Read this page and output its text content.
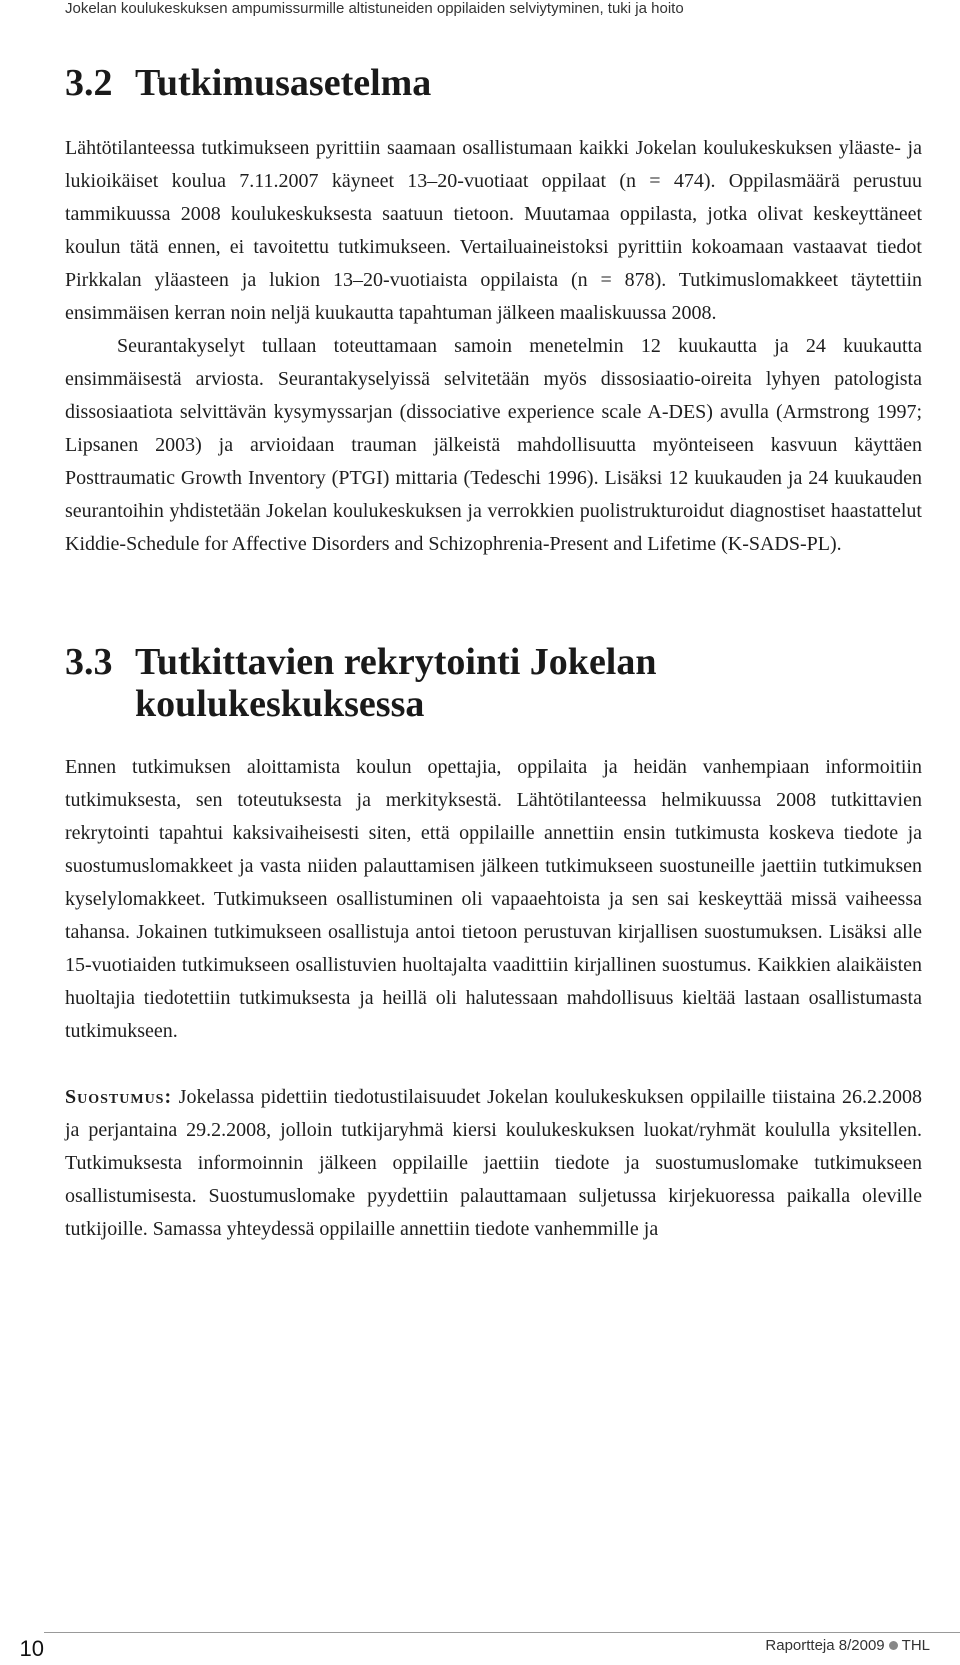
Jokelan koulukeskuksen ampumissurmille altistuneiden oppilaiden selviytyminen, tuki ja hoito
3.2 Tutkimusasetelma

Lähtötilanteessa tutkimukseen pyrittiin saamaan osallistumaan kaikki Jokelan koulukeskuksen yläaste- ja lukioikäiset koulua 7.11.2007 käyneet 13–20-vuotiaat oppilaat (n = 474). Oppilasmäärä perustuu tammikuussa 2008 koulukeskuksesta saatuun tietoon. Muutamaa oppilasta, jotka olivat keskeyttäneet koulun tätä ennen, ei tavoitettu tutkimukseen. Vertailuaineistoksi pyrittiin kokoamaan vastaavat tiedot Pirkkalan yläasteen ja lukion 13–20-vuotiaista oppilaista (n = 878). Tutkimuslomakkeet täytettiin ensimmäisen kerran noin neljä kuukautta tapahtuman jälkeen maaliskuussa 2008.

Seurantakyselyt tullaan toteuttamaan samoin menetelmin 12 kuukautta ja 24 kuukautta ensimmäisestä arviosta. Seurantakyselyissä selvitetään myös dissosiaatio-oireita lyhyen patologista dissosiaatiota selvittävän kysymyssarjan (dissociative experience scale A-DES) avulla (Armstrong 1997; Lipsanen 2003) ja arvioidaan trauman jälkeistä mahdollisuutta myönteiseen kasvuun käyttäen Posttraumatic Growth Inventory (PTGI) mittaria (Tedeschi 1996). Lisäksi 12 kuukauden ja 24 kuukauden seurantoihin yhdistetään Jokelan koulukeskuksen ja verrokkien puolistrukturoidut diagnostiset haastattelut Kiddie-Schedule for Affective Disorders and Schizophrenia-Present and Lifetime (K-SADS-PL).

3.3 Tutkittavien rekrytointi Jokelan koulukeskuksessa

Ennen tutkimuksen aloittamista koulun opettajia, oppilaita ja heidän vanhempiaan informoitiin tutkimuksesta, sen toteutuksesta ja merkityksestä. Lähtötilanteessa helmikuussa 2008 tutkittavien rekrytointi tapahtui kaksivaiheisesti siten, että oppilaille annettiin ensin tutkimusta koskeva tiedote ja suostumuslomakkeet ja vasta niiden palauttamisen jälkeen tutkimukseen suostuneille jaettiin tutkimuksen kyselylomakkeet. Tutkimukseen osallistuminen oli vapaaehtoista ja sen sai keskeyttää missä vaiheessa tahansa. Jokainen tutkimukseen osallistuja antoi tietoon perustuvan kirjallisen suostumuksen. Lisäksi alle 15-vuotiaiden tutkimukseen osallistuvien huoltajalta vaadittiin kirjallinen suostumus. Kaikkien alaikäisten huoltajia tiedotettiin tutkimuksesta ja heillä oli halutessaan mahdollisuus kieltää lastaan osallistumasta tutkimukseen.

Suostumus: Jokelassa pidettiin tiedotustilaisuudet Jokelan koulukeskuksen oppilaille tiistaina 26.2.2008 ja perjantaina 29.2.2008, jolloin tutkijaryhmä kiersi koulukeskuksen luokat/ryhmät koululla yksitellen. Tutkimuksesta informoinnin jälkeen oppilaille jaettiin tiedote ja suostumuslomake tutkimukseen osallistumisesta. Suostumuslomake pyydettiin palauttamaan suljetussa kirjekuoressa paikalla oleville tutkijoille. Samassa yhteydessä oppilaille annettiin tiedote vanhemmille ja

10	Raportteja 8/2009 THL
